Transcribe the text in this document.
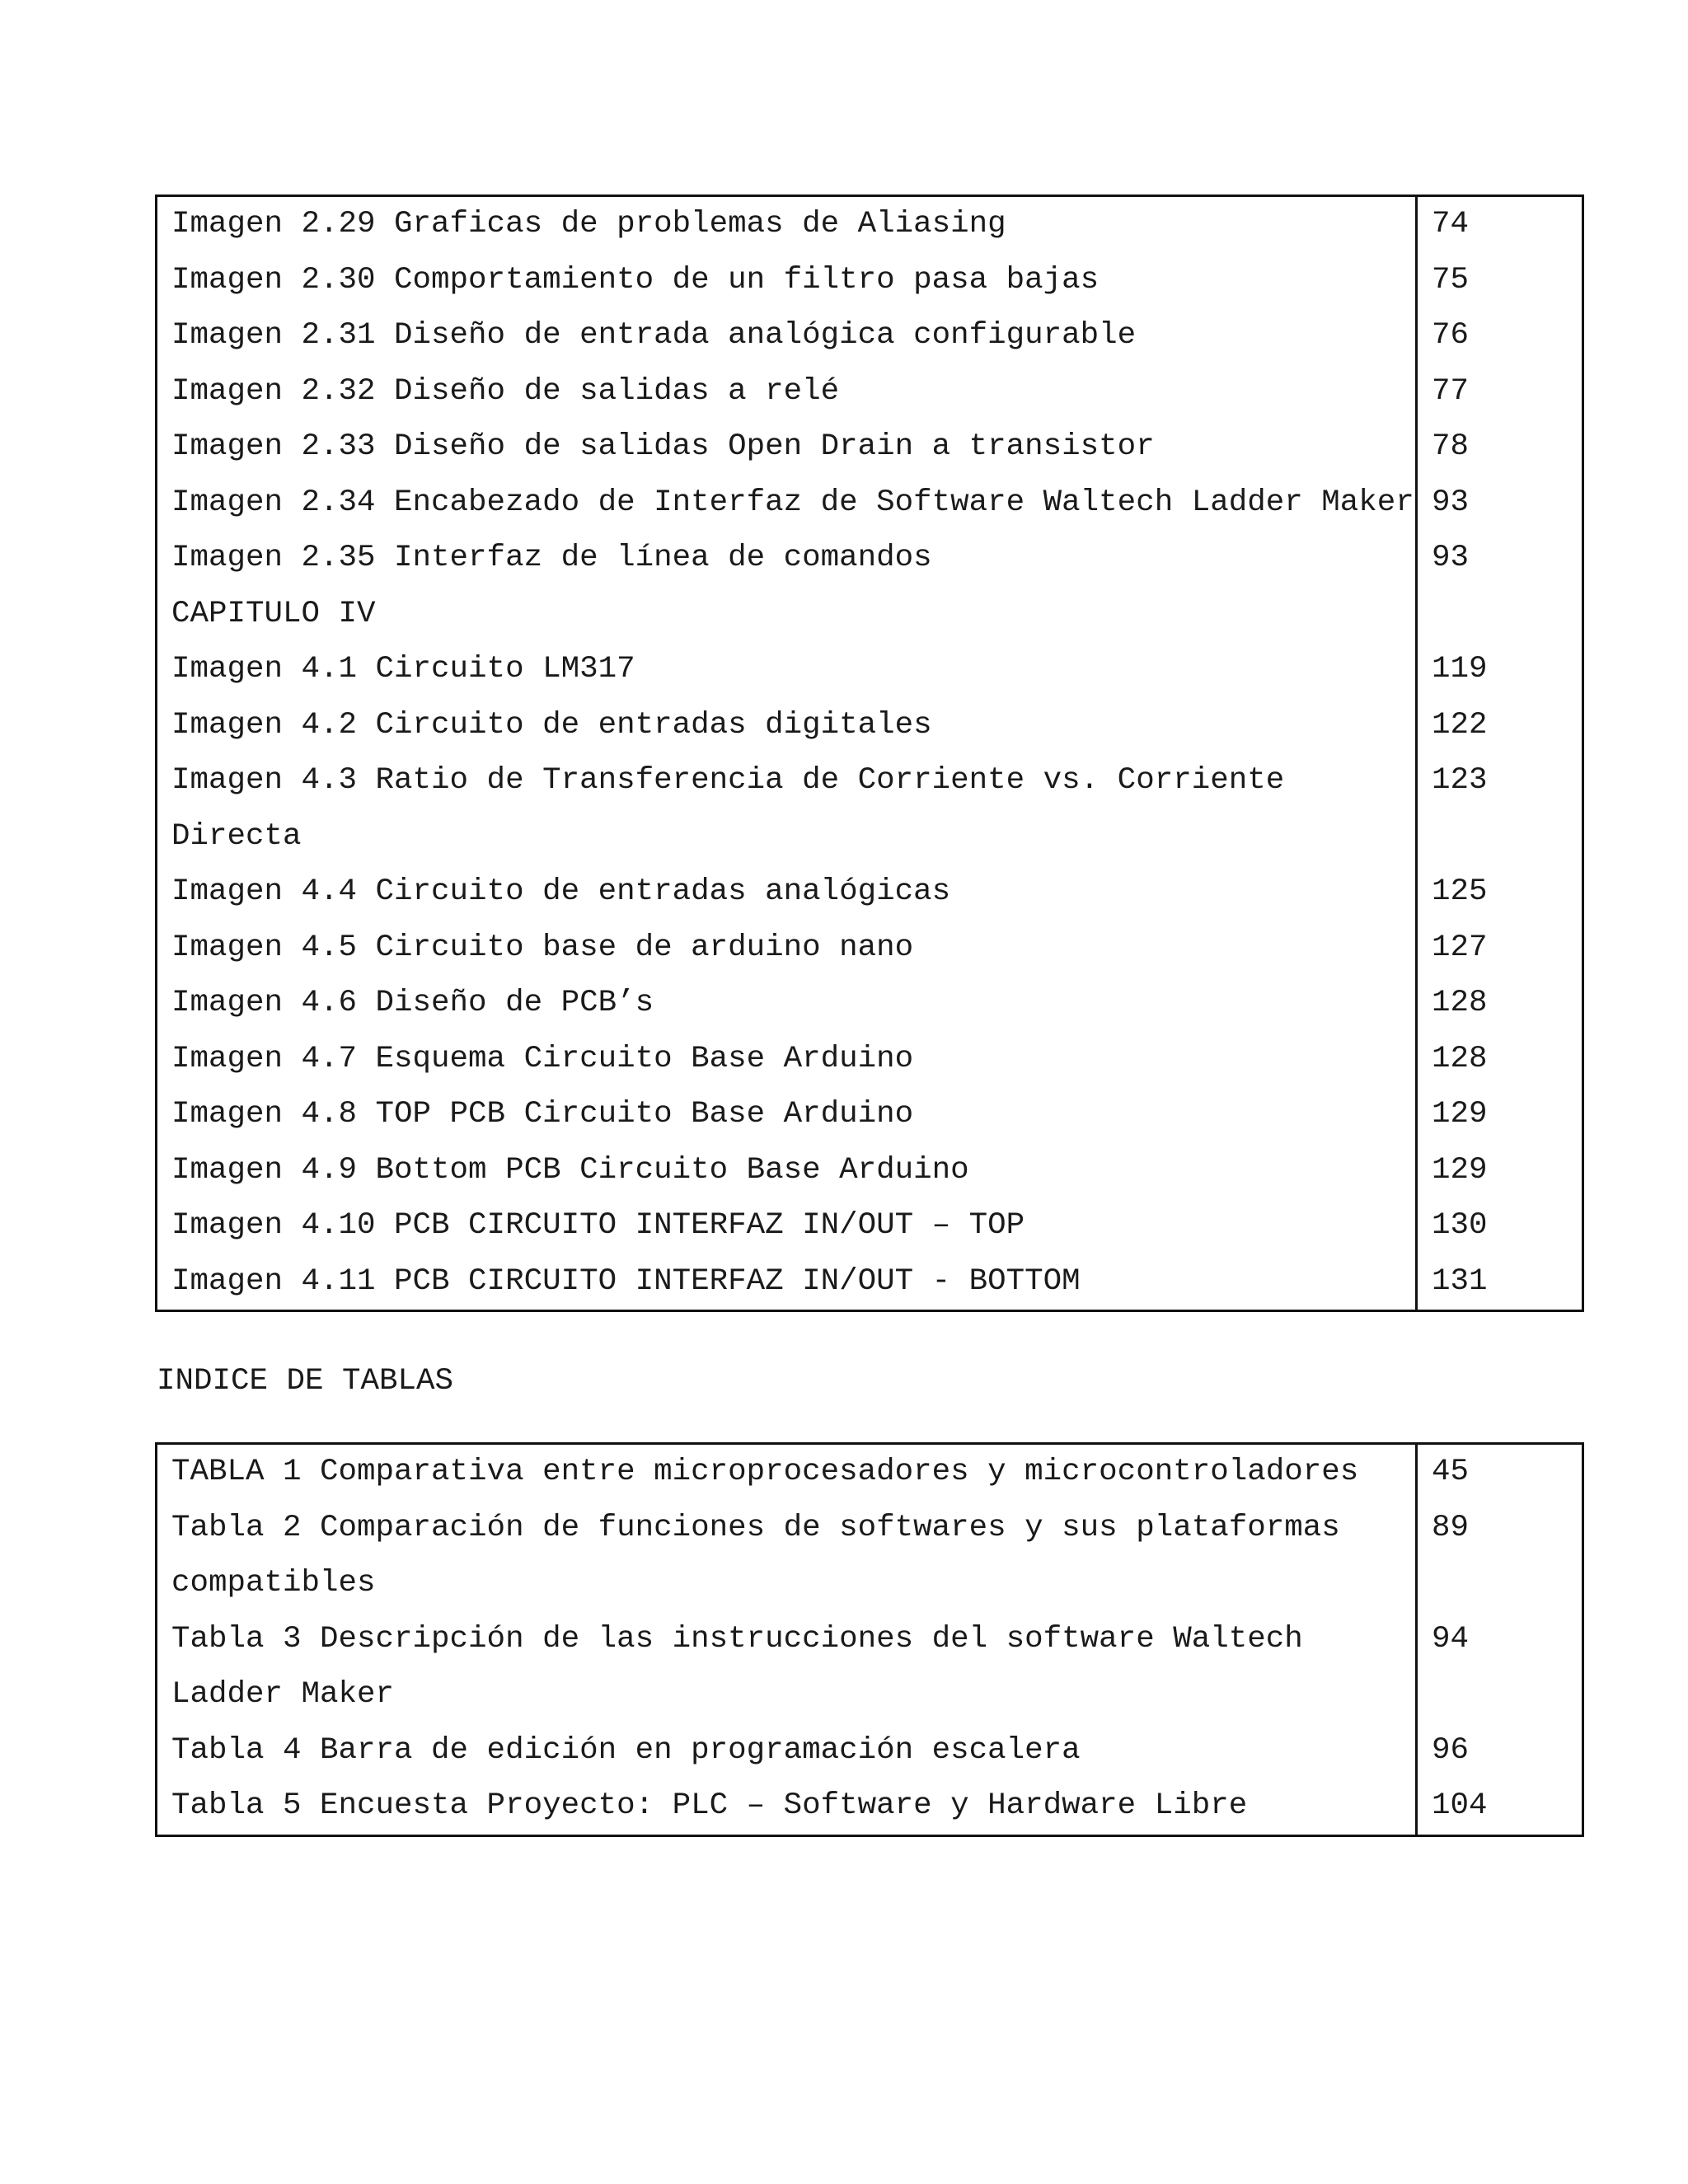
Imagen 2.29 Graficas de problemas de Aliasing	74
Imagen 2.30 Comportamiento de un filtro pasa bajas	75
Imagen 2.31 Diseño de entrada analógica configurable	76
Imagen 2.32 Diseño de salidas a relé	77
Imagen 2.33 Diseño de salidas Open Drain a transistor	78
Imagen 2.34 Encabezado de Interfaz de Software Waltech Ladder Maker	93
Imagen 2.35 Interfaz de línea de comandos	93
CAPITULO IV	
Imagen 4.1 Circuito LM317	119
Imagen 4.2 Circuito de entradas digitales	122
Imagen 4.3 Ratio de Transferencia de Corriente vs. Corriente Directa	123
Imagen 4.4 Circuito de entradas analógicas	125
Imagen 4.5 Circuito base de arduino nano	127
Imagen 4.6 Diseño de PCB’s	128
Imagen 4.7 Esquema Circuito Base Arduino	128
Imagen 4.8 TOP PCB Circuito Base Arduino	129
Imagen 4.9 Bottom PCB Circuito Base Arduino	129
Imagen 4.10 PCB CIRCUITO INTERFAZ IN/OUT – TOP	130
Imagen 4.11 PCB CIRCUITO INTERFAZ IN/OUT - BOTTOM	131
INDICE DE TABLAS
TABLA 1 Comparativa entre microprocesadores y microcontroladores	45
Tabla 2 Comparación de funciones de softwares y sus plataformas compatibles	89
Tabla 3 Descripción de las instrucciones del software Waltech Ladder Maker	94
Tabla 4 Barra de edición en programación escalera	96
Tabla 5 Encuesta Proyecto: PLC – Software y Hardware Libre	104
